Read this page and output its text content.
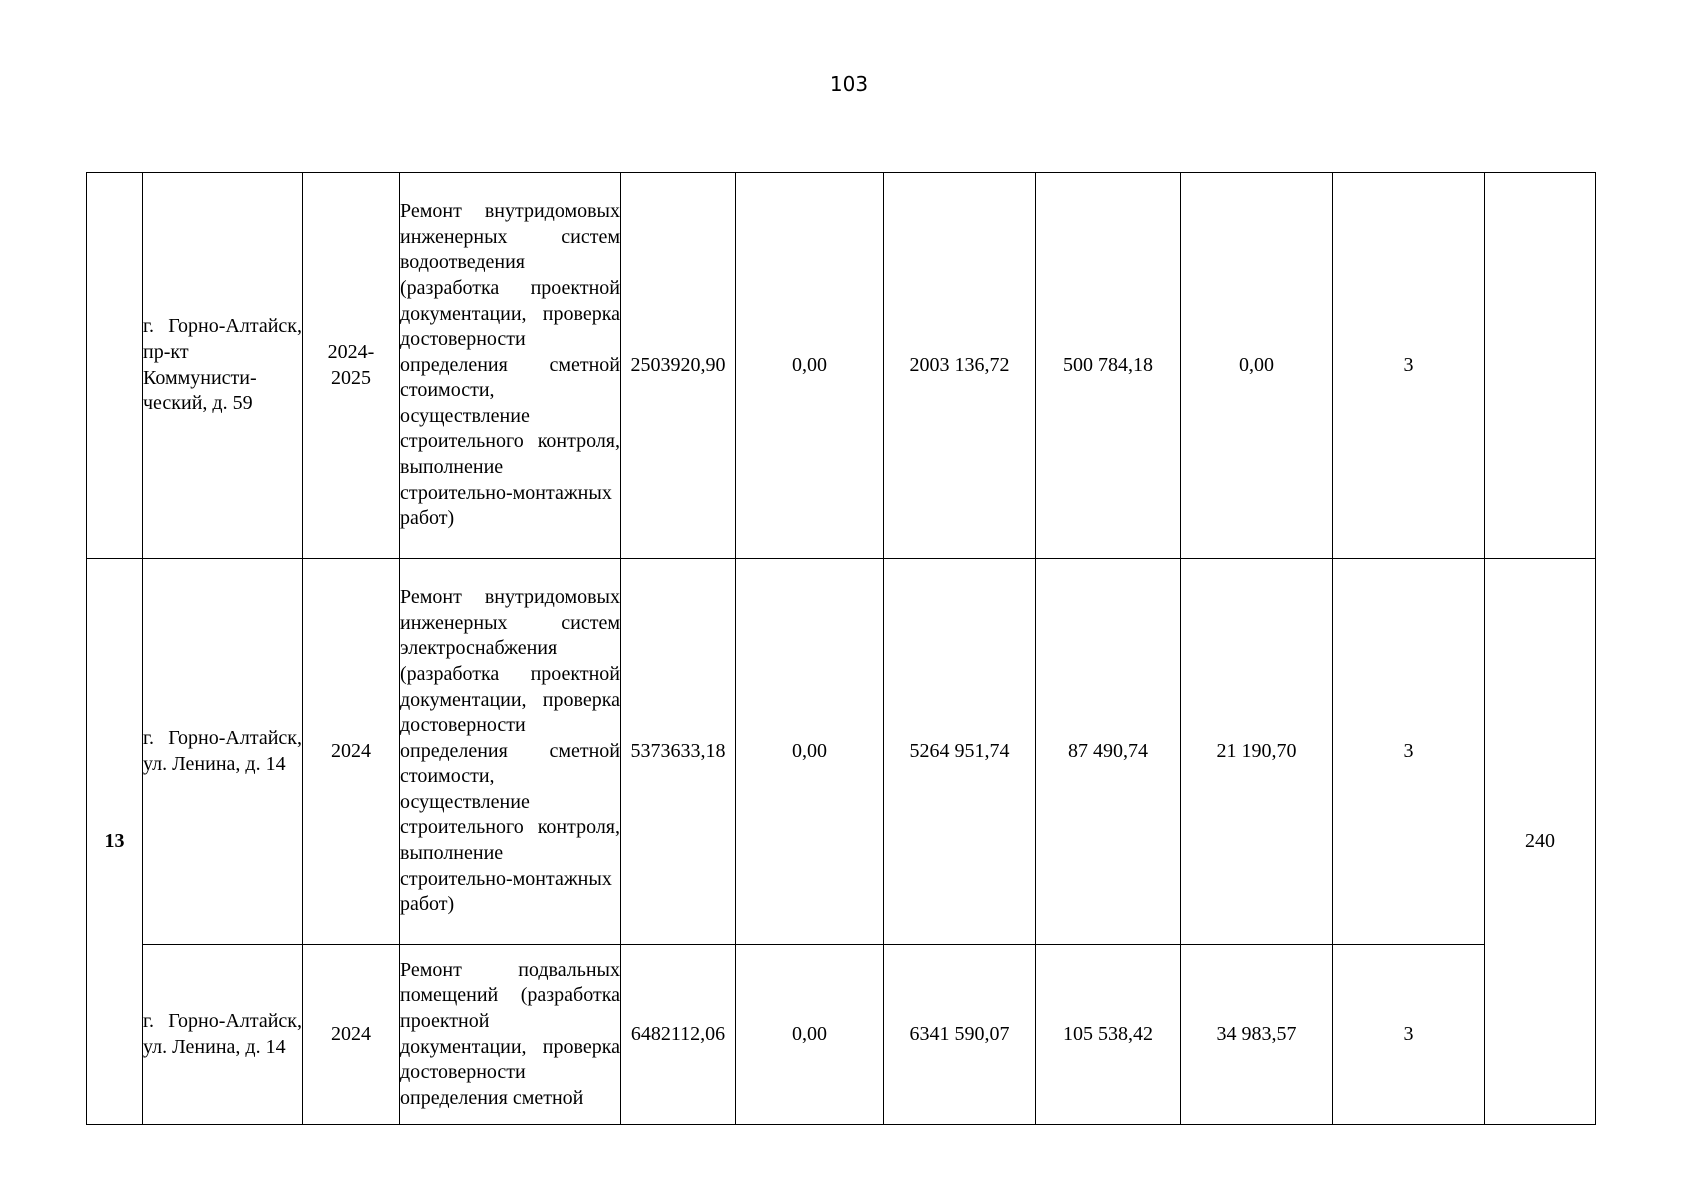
103

	г. Горно-Алтайск, пр-кт Коммунисти-ческий, д. 59	2024-2025	Ремонт внутридомовых инженерных систем водоотведения (разработка проектной документации, проверка достоверности определения сметной стоимости, осуществление строительного контроля, выполнение строительно-монтажных работ)	2503920,90	0,00	2003 136,72	500 784,18	0,00	3	

13	г. Горно-Алтайск, ул. Ленина, д. 14	2024	Ремонт внутридомовых инженерных систем электроснабжения (разработка проектной документации, проверка достоверности определения сметной стоимости, осуществление строительного контроля, выполнение строительно-монтажных работ)	5373633,18	0,00	5264 951,74	87 490,74	21 190,70	3	240

	г. Горно-Алтайск, ул. Ленина, д. 14	2024	Ремонт подвальных помещений (разработка проектной документации, проверка достоверности определения сметной	6482112,06	0,00	6341 590,07	105 538,42	34 983,57	3	
